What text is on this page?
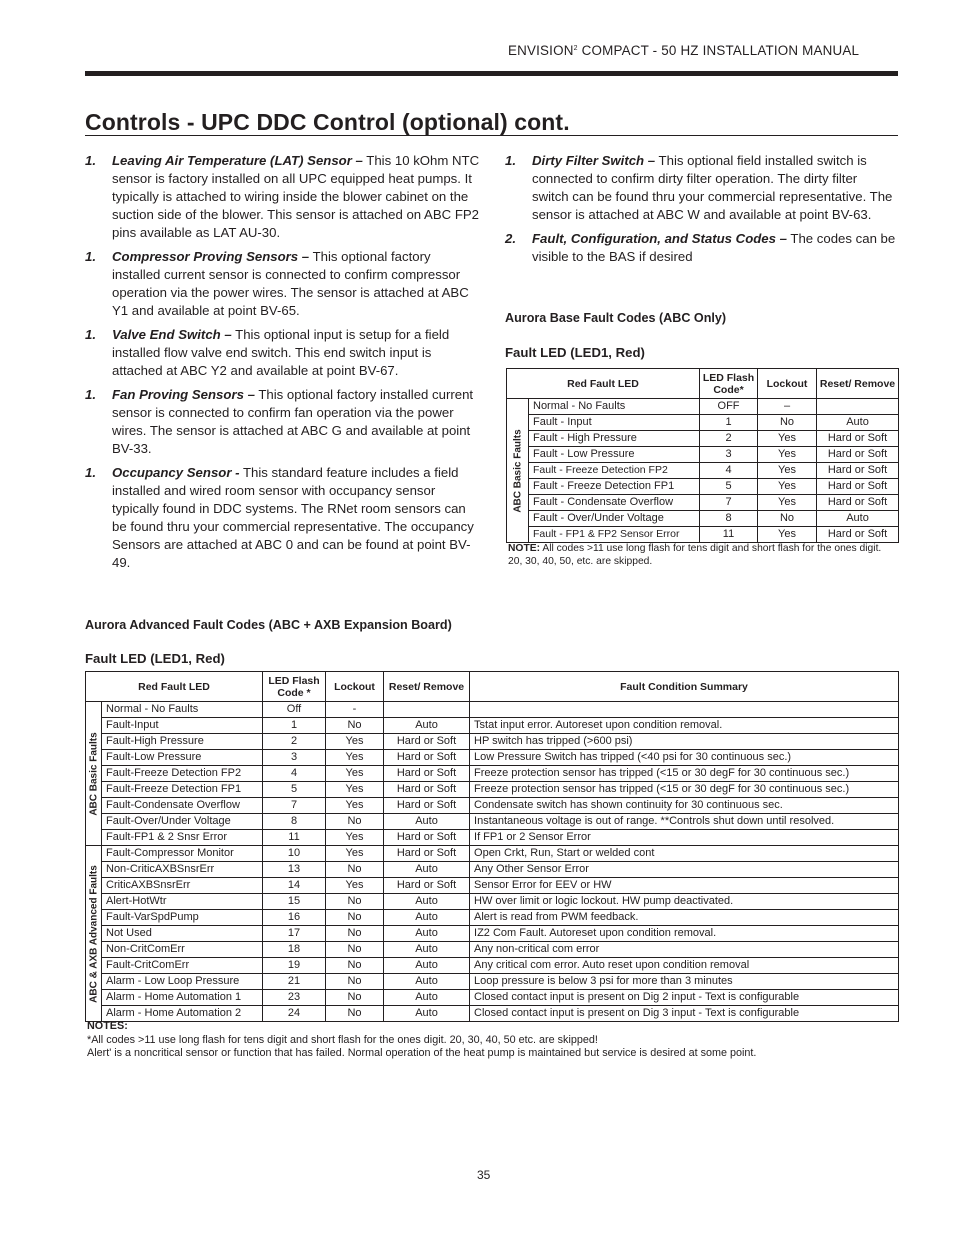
ENVISION$^2$ COMPACT - 50 HZ INSTALLATION MANUAL
Controls - UPC DDC Control (optional) cont.
1. Leaving Air Temperature (LAT) Sensor – This 10 kOhm NTC sensor is factory installed on all UPC equipped heat pumps. It typically is attached to wiring inside the blower cabinet on the suction side of the blower. This sensor is attached on ABC FP2 pins available as LAT AU-30.
1. Compressor Proving Sensors – This optional factory installed current sensor is connected to confirm compressor operation via the power wires. The sensor is attached at ABC Y1 and available at point BV-65.
1. Valve End Switch – This optional input is setup for a field installed flow valve end switch. This end switch input is attached at ABC Y2 and available at point BV-67.
1. Fan Proving Sensors – This optional factory installed current sensor is connected to confirm fan operation via the power wires. The sensor is attached at ABC G and available at point BV-33.
1. Occupancy Sensor - This standard feature includes a field installed and wired room sensor with occupancy sensor typically found in DDC systems. The RNet room sensors can be found thru your commercial representative. The occupancy Sensors are attached at ABC 0 and can be found at point BV-49.
1. Dirty Filter Switch – This optional field installed switch is connected to confirm dirty filter operation. The dirty filter switch can be found thru your commercial representative. The sensor is attached at ABC W and available at point BV-63.
2. Fault, Configuration, and Status Codes – The codes can be visible to the BAS if desired
Aurora Base Fault Codes (ABC Only)
Fault LED (LED1, Red)
Red Fault LED		LED Flash Code*	Lockout	Reset/ Remove

ABC Basic Faults	Normal - No Faults	OFF	–	
	Fault - Input	1	No	Auto
	Fault - High Pressure	2	Yes	Hard or Soft
	Fault - Low Pressure	3	Yes	Hard or Soft
	Fault - Freeze Detection FP2	4	Yes	Hard or Soft
	Fault - Freeze Detection FP1	5	Yes	Hard or Soft
	Fault - Condensate Overflow	7	Yes	Hard or Soft
	Fault - Over/Under Voltage	8	No	Auto
	Fault - FP1 & FP2 Sensor Error	11	Yes	Hard or Soft
NOTE: All codes >11 use long flash for tens digit and short flash for the ones digit. 20, 30, 40, 50, etc. are skipped.
Aurora Advanced Fault Codes (ABC + AXB Expansion Board)
Fault LED (LED1, Red)
Red Fault LED		LED Flash Code *	Lockout	Reset/ Remove	Fault Condition Summary

ABC Basic Faults	Normal - No Faults	Off	-		
	Fault-Input	1	No	Auto	Tstat input error. Autoreset upon condition removal.
	Fault-High Pressure	2	Yes	Hard or Soft	HP switch has tripped (>600 psi)
	Fault-Low Pressure	3	Yes	Hard or Soft	Low Pressure Switch has tripped (<40 psi for 30 continuous sec.)
	Fault-Freeze Detection FP2	4	Yes	Hard or Soft	Freeze protection sensor has tripped (<15 or 30 degF for 30 continuous sec.)
	Fault-Freeze Detection FP1	5	Yes	Hard or Soft	Freeze protection sensor has tripped (<15 or 30 degF for 30 continuous sec.)
	Fault-Condensate Overflow	7	Yes	Hard or Soft	Condensate switch has shown continuity for 30 continuous sec.
	Fault-Over/Under Voltage	8	No	Auto	Instantaneous voltage is out of range. **Controls shut down until resolved.
	Fault-FP1 & 2 Snsr Error	11	Yes	Hard or Soft	If FP1 or 2 Sensor Error

ABC & AXB Advanced Faults	Fault-Compressor Monitor	10	Yes	Hard or Soft	Open Crkt, Run, Start or welded cont
	Non-CriticAXBSnsrErr	13	No	Auto	Any Other Sensor Error
	CriticAXBSnsrErr	14	Yes	Hard or Soft	Sensor Error for EEV or HW
	Alert-HotWtr	15	No	Auto	HW over limit or logic lockout. HW pump deactivated.
	Fault-VarSpdPump	16	No	Auto	Alert is read from PWM feedback.
	Not Used	17	No	Auto	IZ2 Com Fault. Autoreset upon condition removal.
	Non-CritComErr	18	No	Auto	Any non-critical com error
	Fault-CritComErr	19	No	Auto	Any critical com error. Auto reset upon condition removal
	Alarm - Low Loop Pressure	21	No	Auto	Loop pressure is below 3 psi for more than 3 minutes
	Alarm - Home Automation 1	23	No	Auto	Closed contact input is present on Dig 2 input - Text is configurable
	Alarm - Home Automation 2	24	No	Auto	Closed contact input is present on Dig 3 input - Text is configurable
NOTES:
*All codes >11 use long flash for tens digit and short flash for the ones digit. 20, 30, 40, 50 etc. are skipped!
Alert' is a noncritical sensor or function that has failed. Normal operation of the heat pump is maintained but service is desired at some point.
35
